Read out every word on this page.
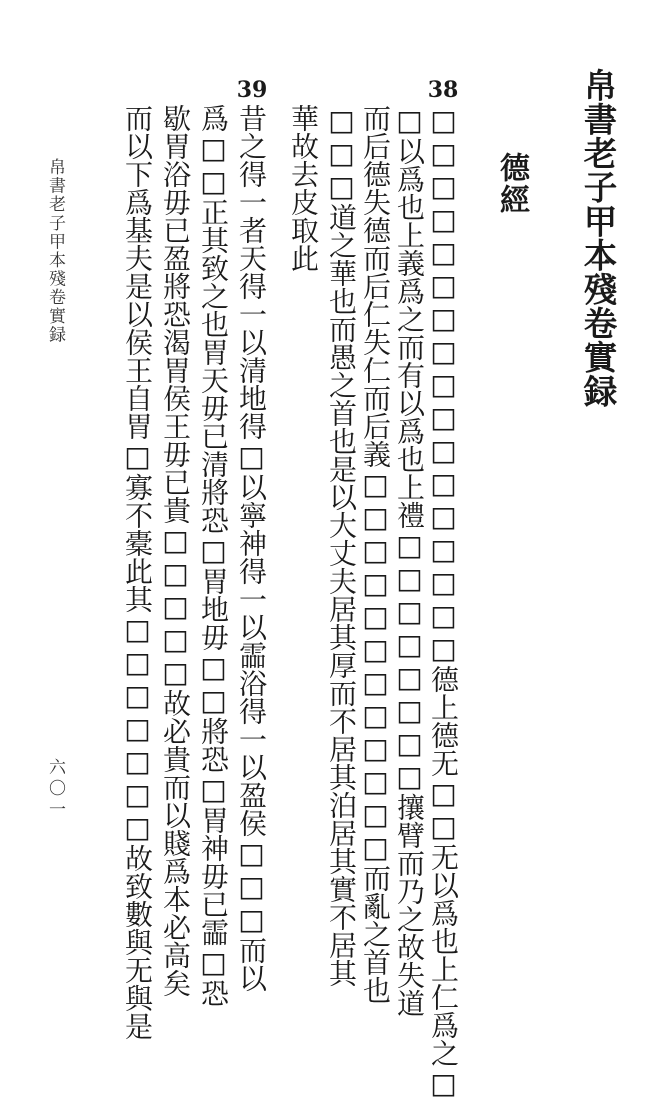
帛書老子甲本殘卷實録
德經
38
□□□□□□□□□□□□□□□□□德上德无□□无以爲也上仁爲之□
□以爲也上義爲之而有以爲也上禮□□□□□□□□攘臂而乃之故失道
而后德失德而后仁失仁而后義□□□□□□□□□□□□而亂之首也
□□□道之華也而愚之首也是以大丈夫居其厚而不居其泊居其實不居其
華故去皮取此
39
昔之得一者天得一以清地得□以寧神得一以霝浴得一以盈侯□□□而以
爲□□正其致之也胃天毋已清將恐□胃地毋□□將恐□胃神毋已霝□恐
歇胃浴毋已盈將恐渴胃侯王毋已貴□□□□□故必貴而以賤爲本必高矣
而以下爲基夫是以侯王自胃□寡不橐此其□□□□□□□故致數與无與是
帛書老子甲本殘卷實録
六〇一
